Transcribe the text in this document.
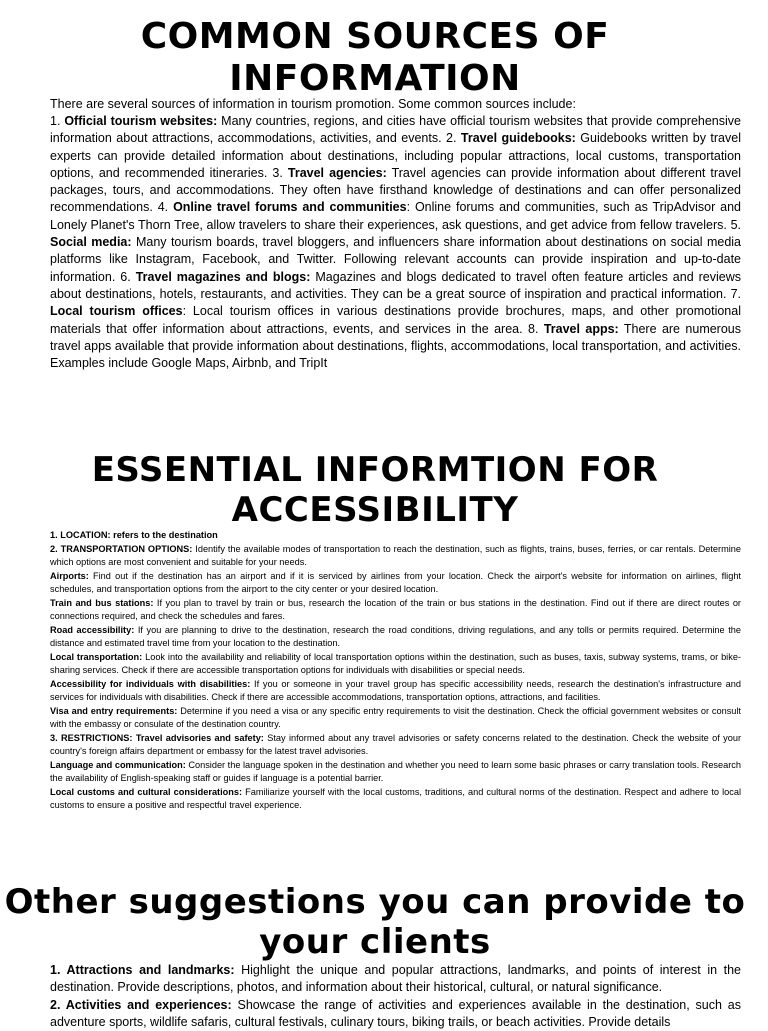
COMMON SOURCES OF INFORMATION

There are several sources of information in tourism promotion. Some common sources include:

1. Official tourism websites: Many countries, regions, and cities have official tourism websites that provide comprehensive information about attractions, accommodations, activities, and events. 2. Travel guidebooks: Guidebooks written by travel experts can provide detailed information about destinations, including popular attractions, local customs, transportation options, and recommended itineraries. 3. Travel agencies: Travel agencies can provide information about different travel packages, tours, and accommodations. They often have firsthand knowledge of destinations and can offer personalized recommendations. 4. Online travel forums and communities: Online forums and communities, such as TripAdvisor and Lonely Planet's Thorn Tree, allow travelers to share their experiences, ask questions, and get advice from fellow travelers. 5. Social media: Many tourism boards, travel bloggers, and influencers share information about destinations on social media platforms like Instagram, Facebook, and Twitter. Following relevant accounts can provide inspiration and up-to-date information. 6. Travel magazines and blogs: Magazines and blogs dedicated to travel often feature articles and reviews about destinations, hotels, restaurants, and activities. They can be a great source of inspiration and practical information. 7. Local tourism offices: Local tourism offices in various destinations provide brochures, maps, and other promotional materials that offer information about attractions, events, and services in the area. 8. Travel apps: There are numerous travel apps available that provide information about destinations, flights, accommodations, local transportation, and activities. Examples include Google Maps, Airbnb, and TripIt

ESSENTIAL INFORMTION FOR ACCESSIBILITY

1. LOCATION: refers to the destination

2. TRANSPORTATION OPTIONS: Identify the available modes of transportation to reach the destination, such as flights, trains, buses, ferries, or car rentals. Determine which options are most convenient and suitable for your needs.

Airports: Find out if the destination has an airport and if it is serviced by airlines from your location. Check the airport's website for information on airlines, flight schedules, and transportation options from the airport to the city center or your desired location.

Train and bus stations: If you plan to travel by train or bus, research the location of the train or bus stations in the destination. Find out if there are direct routes or connections required, and check the schedules and fares.

Road accessibility: If you are planning to drive to the destination, research the road conditions, driving regulations, and any tolls or permits required. Determine the distance and estimated travel time from your location to the destination.

Local transportation: Look into the availability and reliability of local transportation options within the destination, such as buses, taxis, subway systems, trams, or bike-sharing services. Check if there are accessible transportation options for individuals with disabilities or special needs.

Accessibility for individuals with disabilities: If you or someone in your travel group has specific accessibility needs, research the destination's infrastructure and services for individuals with disabilities. Check if there are accessible accommodations, transportation options, attractions, and facilities.

Visa and entry requirements: Determine if you need a visa or any specific entry requirements to visit the destination. Check the official government websites or consult with the embassy or consulate of the destination country.

3. RESTRICTIONS: Travel advisories and safety: Stay informed about any travel advisories or safety concerns related to the destination. Check the website of your country's foreign affairs department or embassy for the latest travel advisories.

Language and communication: Consider the language spoken in the destination and whether you need to learn some basic phrases or carry translation tools. Research the availability of English-speaking staff or guides if language is a potential barrier.

Local customs and cultural considerations: Familiarize yourself with the local customs, traditions, and cultural norms of the destination. Respect and adhere to local customs to ensure a positive and respectful travel experience.

Other suggestions you can provide to your clients

1. Attractions and landmarks: Highlight the unique and popular attractions, landmarks, and points of interest in the destination. Provide descriptions, photos, and information about their historical, cultural, or natural significance.
2. Activities and experiences: Showcase the range of activities and experiences available in the destination, such as adventure sports, wildlife safaris, cultural festivals, culinary tours, biking trails, or beach activities. Provide details
